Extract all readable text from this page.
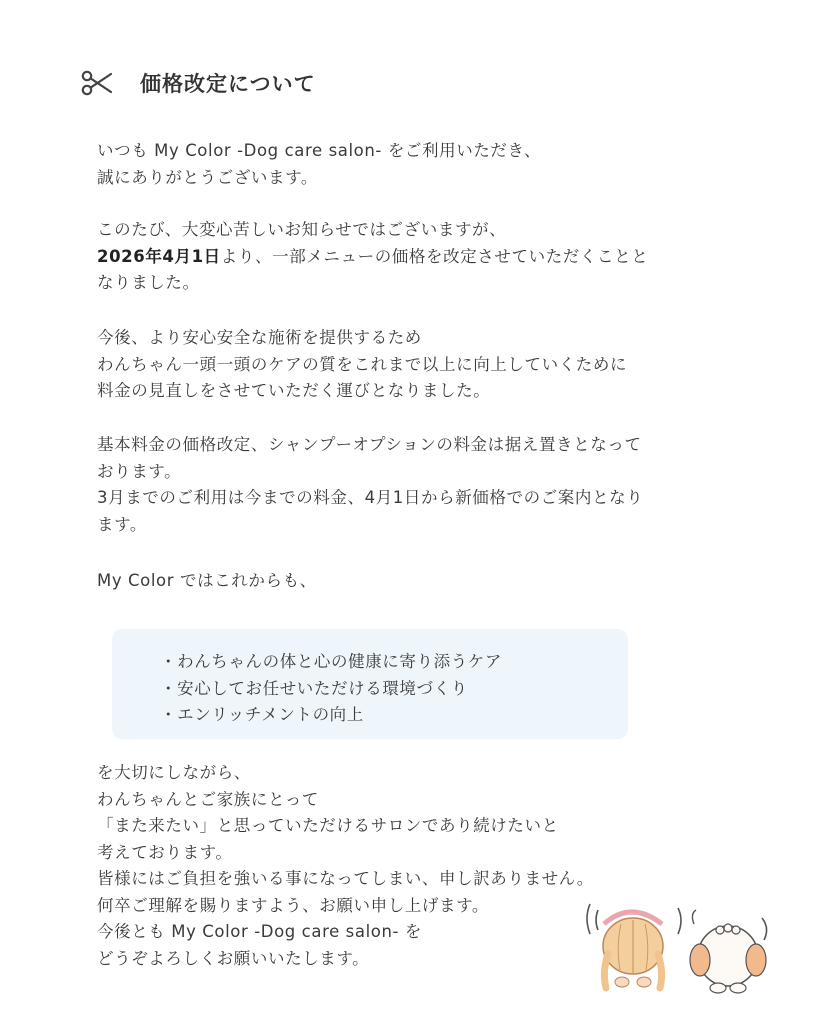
価格改定について

いつも My Color -Dog care salon- をご利用いただき、
誠にありがとうございます。

このたび、大変心苦しいお知らせではございますが、
2026年4月1日より、一部メニューの価格を改定させていただくことと
なりました。

今後、より安心安全な施術を提供するため
わんちゃん一頭一頭のケアの質をこれまで以上に向上していくために
料金の見直しをさせていただく運びとなりました。

基本料金の価格改定、シャンプーオプションの料金は据え置きとなって
おります。
3月までのご利用は今までの料金、4月1日から新価格でのご案内となり
ます。

My Color ではこれからも、

・わんちゃんの体と心の健康に寄り添うケア
・安心してお任せいただける環境づくり
・エンリッチメントの向上

を大切にしながら、
わんちゃんとご家族にとって
「また来たい」と思っていただけるサロンであり続けたいと
考えております。
皆様にはご負担を強いる事になってしまい、申し訳ありません。
何卒ご理解を賜りますよう、お願い申し上げます。
今後とも My Color -Dog care salon- を
どうぞよろしくお願いいたします。
